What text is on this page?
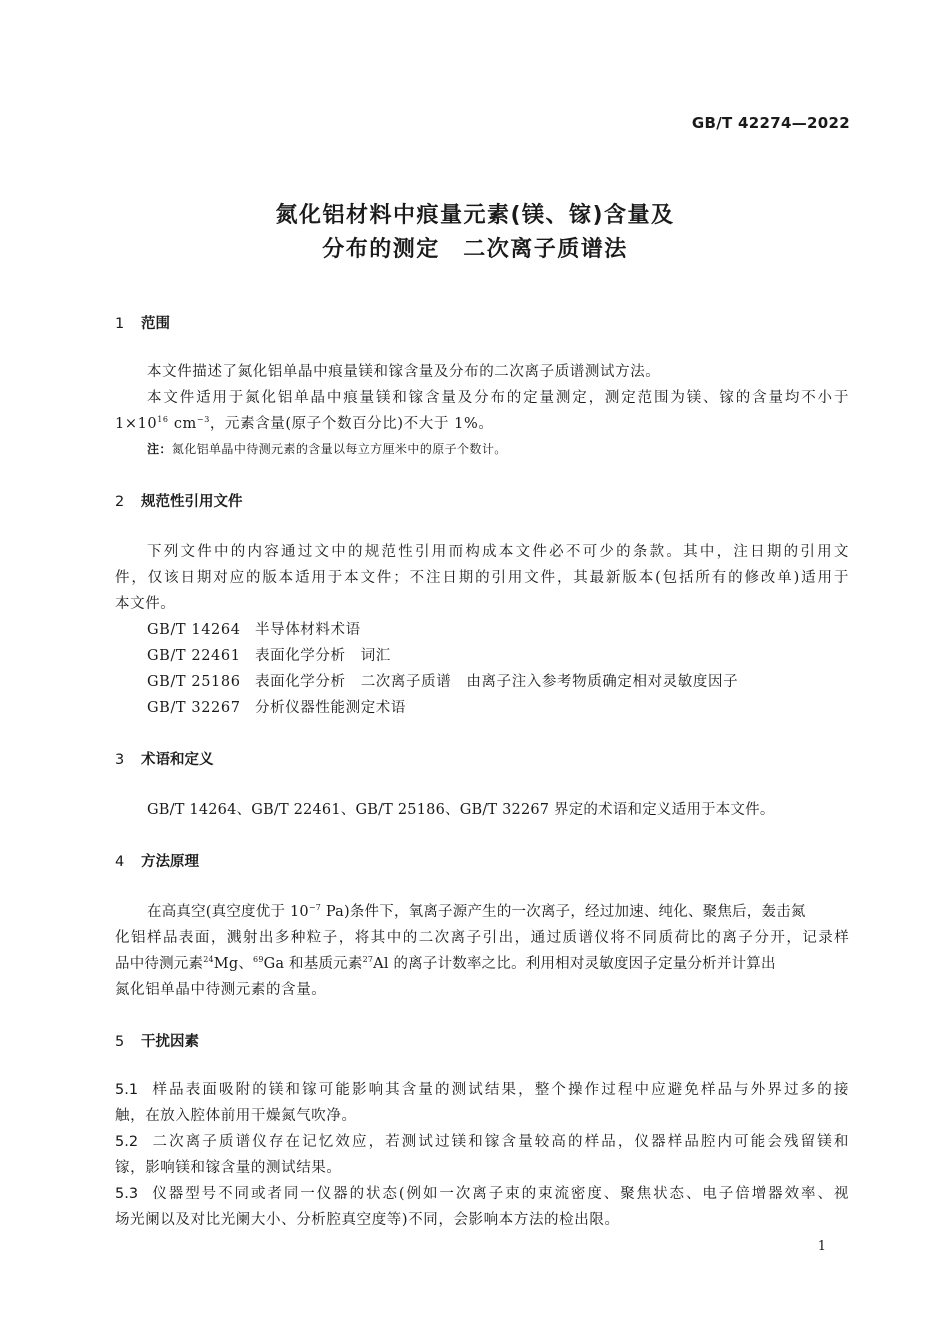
GB/T 42274—2022
氮化铝材料中痕量元素(镁、镓)含量及
分布的测定　二次离子质谱法
1 范围
本文件描述了氮化铝单晶中痕量镁和镓含量及分布的二次离子质谱测试方法。
本文件适用于氮化铝单晶中痕量镁和镓含量及分布的定量测定，测定范围为镁、镓的含量均不小于
$1\times 10^{16}$ $cm^{-3}$，元素含量(原子个数百分比)不大于 1%。
注：氮化铝单晶中待测元素的含量以每立方厘米中的原子个数计。
2 规范性引用文件
下列文件中的内容通过文中的规范性引用而构成本文件必不可少的条款。其中，注日期的引用文
件，仅该日期对应的版本适用于本文件；不注日期的引用文件，其最新版本(包括所有的修改单)适用于
本文件。
GB/T 14264 半导体材料术语
GB/T 22461 表面化学分析　词汇
GB/T 25186 表面化学分析　二次离子质谱　由离子注入参考物质确定相对灵敏度因子
GB/T 32267 分析仪器性能测定术语
3 术语和定义
GB/T 14264、GB/T 22461、GB/T 25186、GB/T 32267 界定的术语和定义适用于本文件。
4 方法原理
在高真空(真空度优于 $10^{-7}$ Pa)条件下，氧离子源产生的一次离子，经过加速、纯化、聚焦后，轰击氮
化铝样品表面，溅射出多种粒子，将其中的二次离子引出，通过质谱仪将不同质荷比的离子分开，记录样
品中待测元素$^{24}$Mg、$^{69}$Ga 和基质元素$^{27}$Al 的离子计数率之比。利用相对灵敏度因子定量分析并计算出
氮化铝单晶中待测元素的含量。
5 干扰因素
5.1 样品表面吸附的镁和镓可能影响其含量的测试结果，整个操作过程中应避免样品与外界过多的接
触，在放入腔体前用干燥氮气吹净。
5.2 二次离子质谱仪存在记忆效应，若测试过镁和镓含量较高的样品，仪器样品腔内可能会残留镁和
镓，影响镁和镓含量的测试结果。
5.3 仪器型号不同或者同一仪器的状态(例如一次离子束的束流密度、聚焦状态、电子倍增器效率、视
场光阑以及对比光阑大小、分析腔真空度等)不同，会影响本方法的检出限。
1
